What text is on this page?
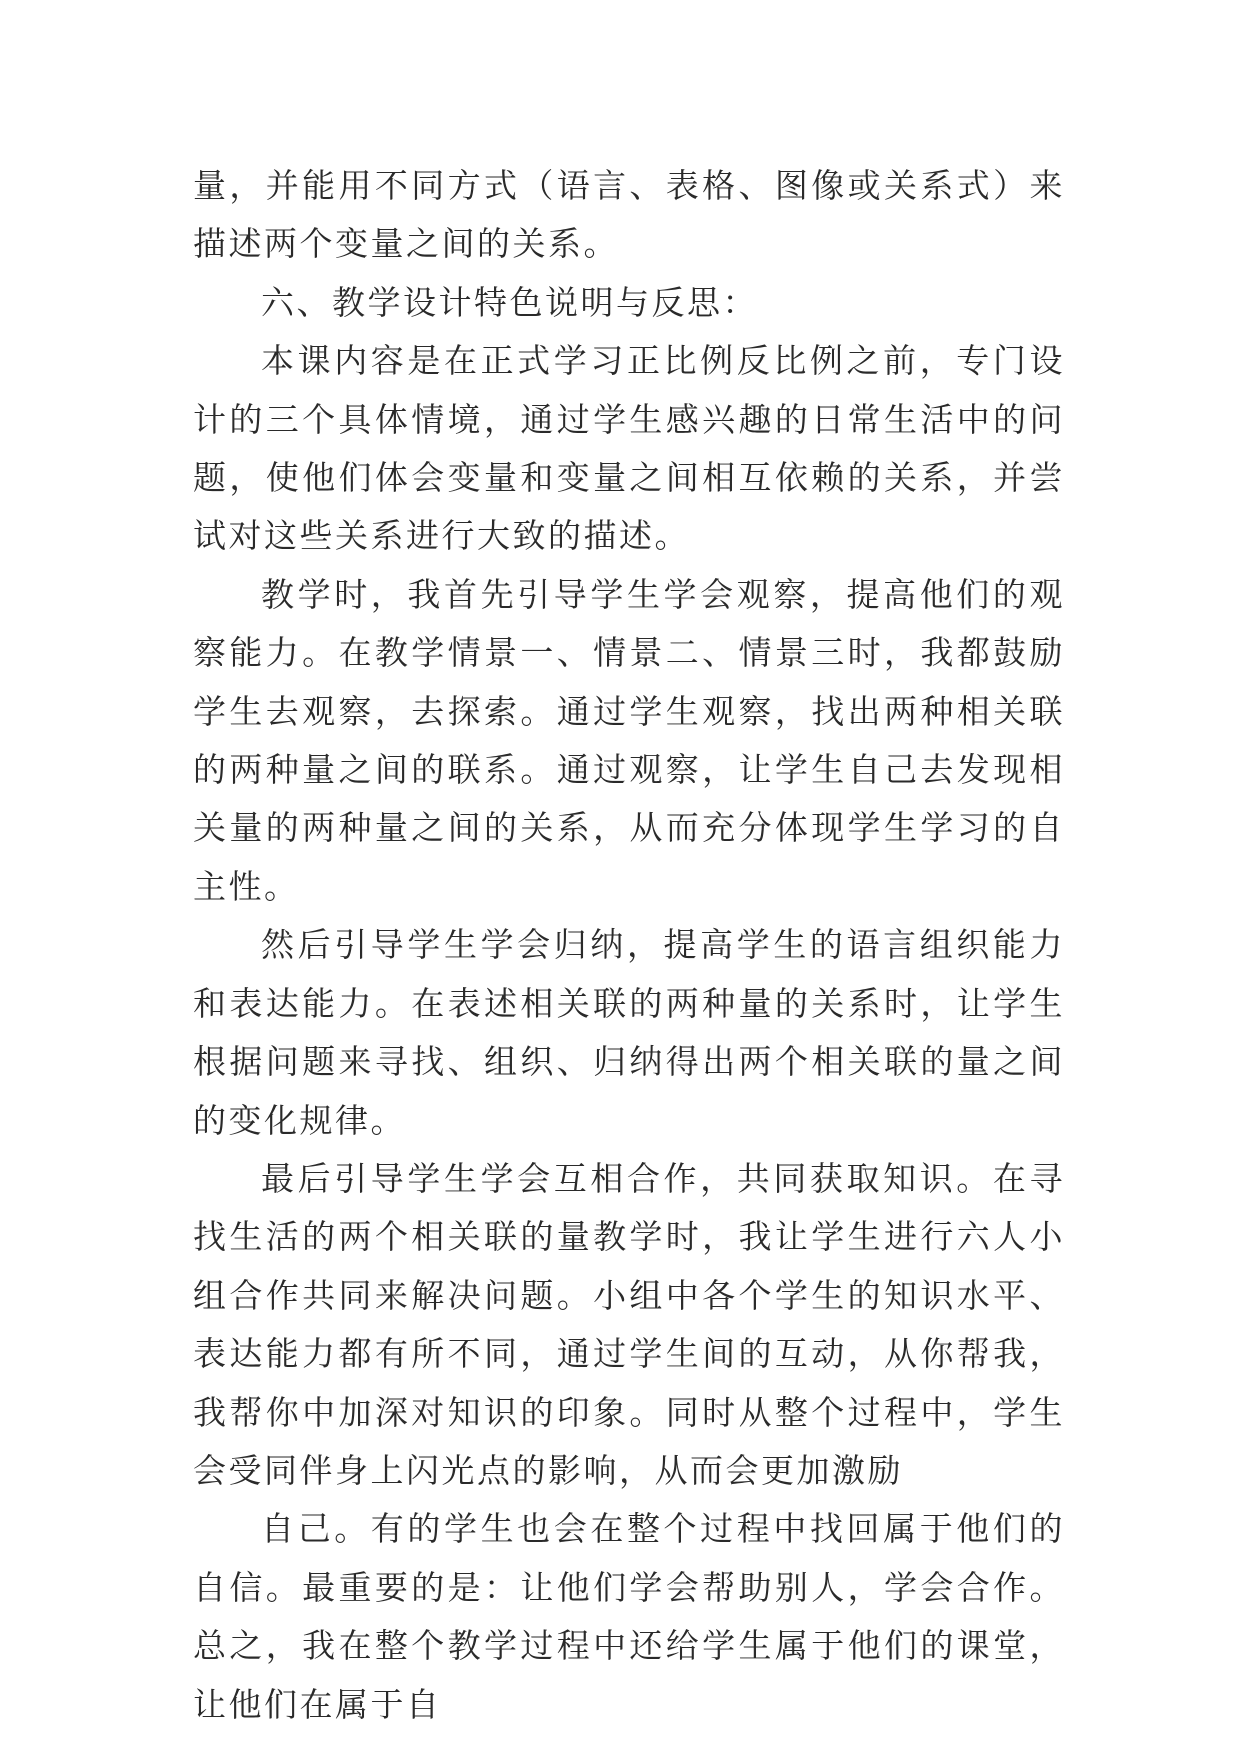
量，并能用不同方式（语言、表格、图像或关系式）来描述两个变量之间的关系。

六、教学设计特色说明与反思：

本课内容是在正式学习正比例反比例之前，专门设计的三个具体情境，通过学生感兴趣的日常生活中的问题，使他们体会变量和变量之间相互依赖的关系，并尝试对这些关系进行大致的描述。

教学时，我首先引导学生学会观察，提高他们的观察能力。在教学情景一、情景二、情景三时，我都鼓励学生去观察，去探索。通过学生观察，找出两种相关联的两种量之间的联系。通过观察，让学生自己去发现相关量的两种量之间的关系，从而充分体现学生学习的自主性。

然后引导学生学会归纳，提高学生的语言组织能力和表达能力。在表述相关联的两种量的关系时，让学生根据问题来寻找、组织、归纳得出两个相关联的量之间的变化规律。

最后引导学生学会互相合作，共同获取知识。在寻找生活的两个相关联的量教学时，我让学生进行六人小组合作共同来解决问题。小组中各个学生的知识水平、表达能力都有所不同，通过学生间的互动，从你帮我，我帮你中加深对知识的印象。同时从整个过程中，学生会受同伴身上闪光点的影响，从而会更加激励

自己。有的学生也会在整个过程中找回属于他们的自信。最重要的是：让他们学会帮助别人，学会合作。总之，我在整个教学过程中还给学生属于他们的课堂，让他们在属于自
